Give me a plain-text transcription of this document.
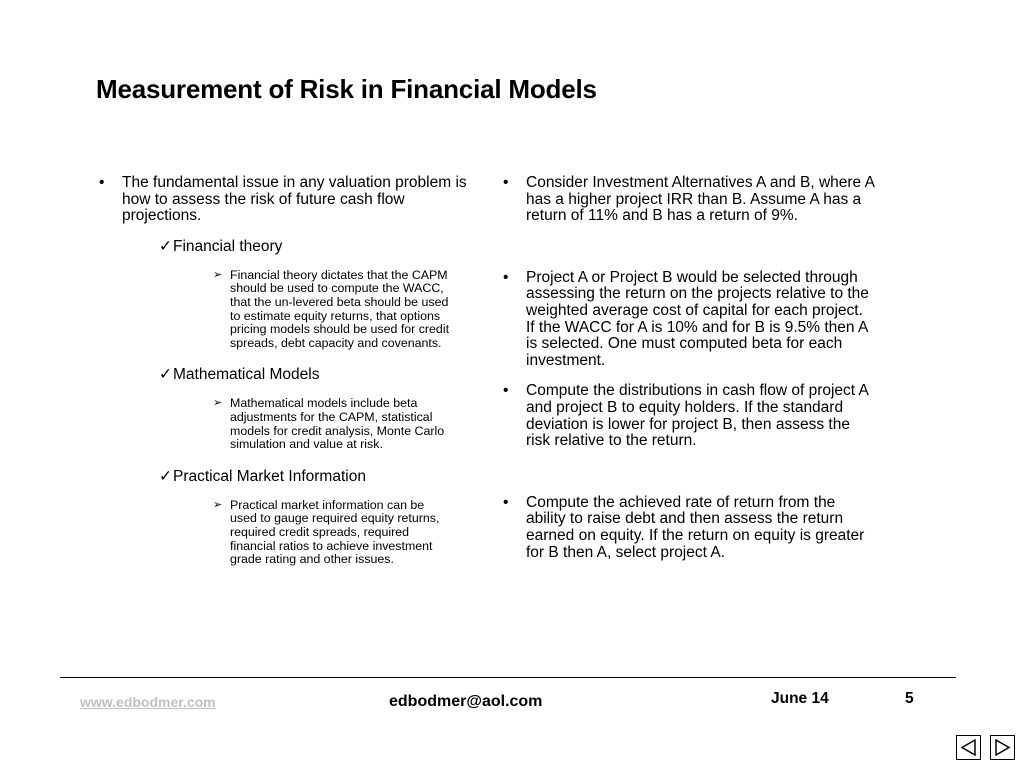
Measurement of Risk in Financial Models
• The fundamental issue in any valuation problem is how to assess the risk of future cash flow projections.
✓ Financial theory
➢ Financial theory dictates that the CAPM should be used to compute the WACC, that the un-levered beta should be used to estimate equity returns, that options pricing models should be used for credit spreads, debt capacity and covenants.
✓ Mathematical Models
➢ Mathematical models include beta adjustments for the CAPM, statistical models for credit analysis, Monte Carlo simulation and value at risk.
✓ Practical Market Information
➢ Practical market information can be used to gauge required equity returns, required credit spreads, required financial ratios to achieve investment grade rating and other issues.
• Consider Investment Alternatives A and B, where A has a higher project IRR than B. Assume A has a return of 11% and B has a return of 9%.
• Project A or Project B would be selected through assessing the return on the projects relative to the weighted average cost of capital for each project. If the WACC for A is 10% and for B is 9.5% then A is selected. One must computed beta for each investment.
• Compute the distributions in cash flow of project A and project B to equity holders. If the standard deviation is lower for project B, then assess the risk relative to the return.
• Compute the achieved rate of return from the ability to raise debt and then assess the return earned on equity. If the return on equity is greater for B then A, select project A.
www.edbodmer.com	edbodmer@aol.com	June 14	5
